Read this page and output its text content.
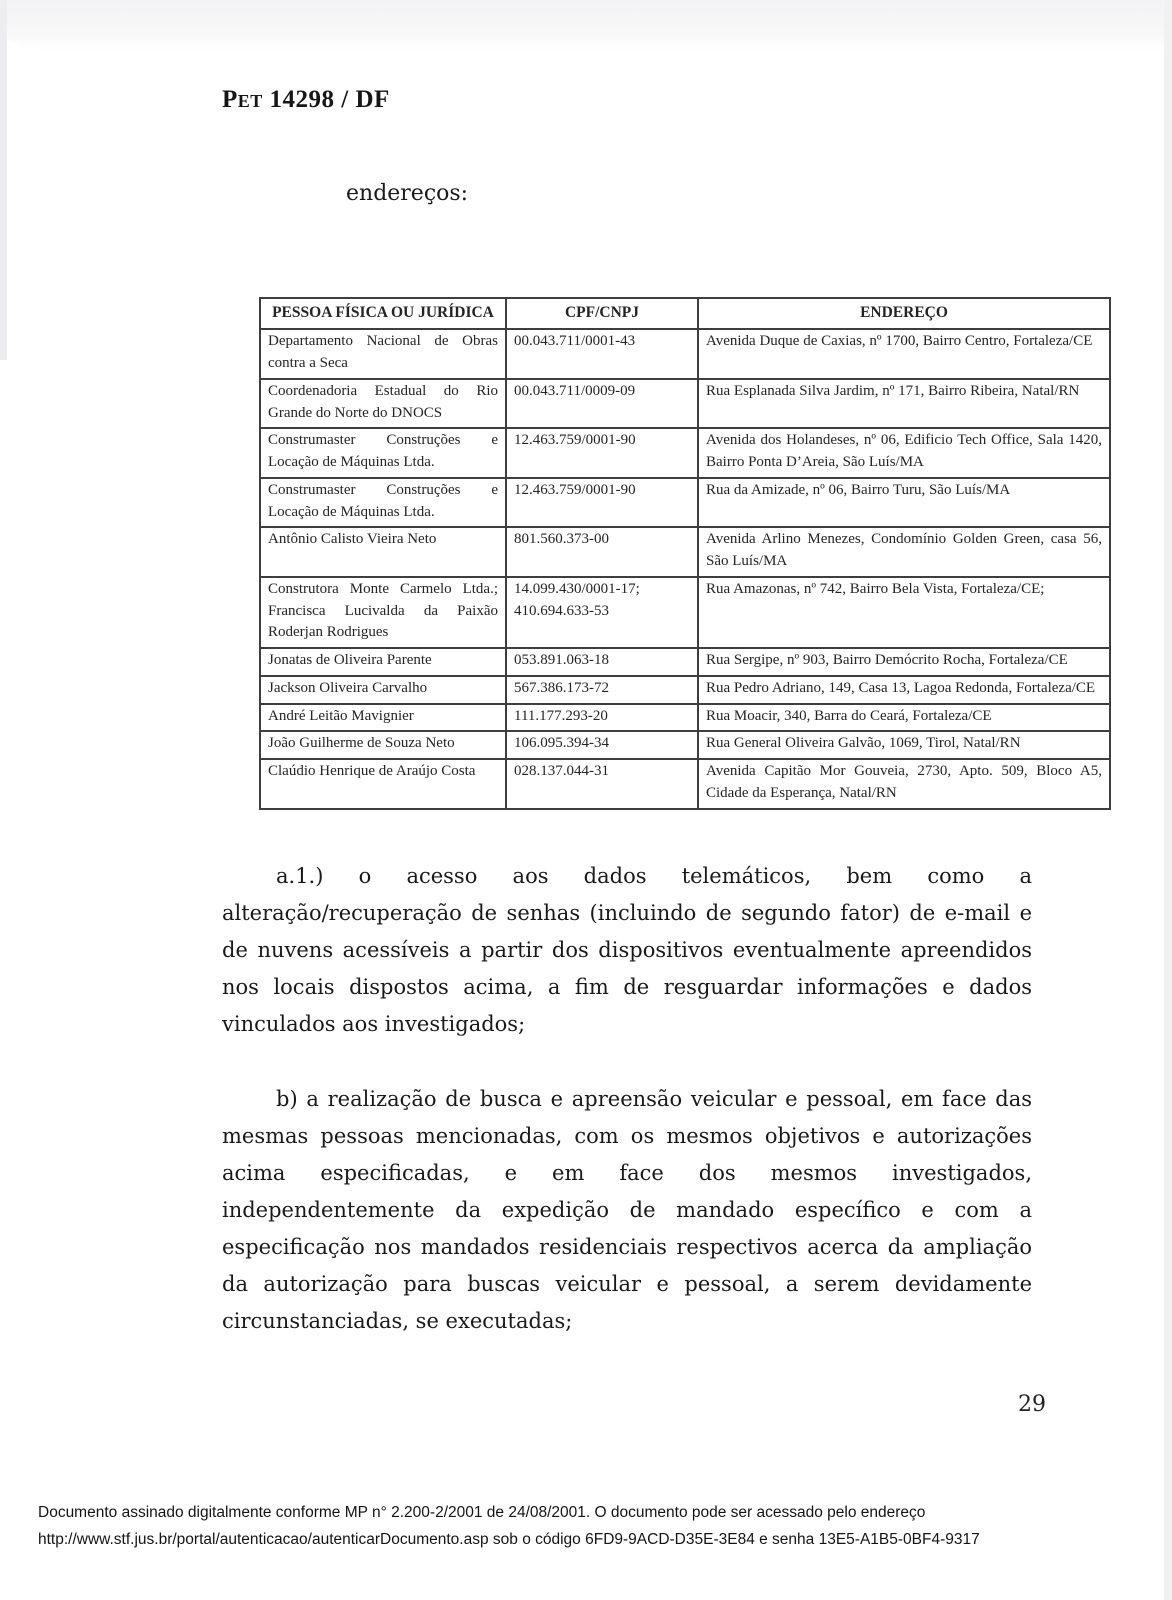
Pet 14298 / DF
endereços:
PESSOA FÍSICA OU JURÍDICA	CPF/CNPJ	ENDEREÇO
Departamento Nacional de Obras contra a Seca	00.043.711/0001-43	Avenida Duque de Caxias, nº 1700, Bairro Centro, Fortaleza/CE
Coordenadoria Estadual do Rio Grande do Norte do DNOCS	00.043.711/0009-09	Rua Esplanada Silva Jardim, nº 171, Bairro Ribeira, Natal/RN
Construmaster Construções e Locação de Máquinas Ltda.	12.463.759/0001-90	Avenida dos Holandeses, nº 06, Edificio Tech Office, Sala 1420, Bairro Ponta D’Areia, São Luís/MA
Construmaster Construções e Locação de Máquinas Ltda.	12.463.759/0001-90	Rua da Amizade, nº 06, Bairro Turu, São Luís/MA
Antônio Calisto Vieira Neto	801.560.373-00	Avenida Arlino Menezes, Condomínio Golden Green, casa 56, São Luís/MA
Construtora Monte Carmelo Ltda.; Francisca Lucivalda da Paixão Roderjan Rodrigues	14.099.430/0001-17; 410.694.633-53	Rua Amazonas, nº 742, Bairro Bela Vista, Fortaleza/CE;
Jonatas de Oliveira Parente	053.891.063-18	Rua Sergipe, nº 903, Bairro Demócrito Rocha, Fortaleza/CE
Jackson Oliveira Carvalho	567.386.173-72	Rua Pedro Adriano, 149, Casa 13, Lagoa Redonda, Fortaleza/CE
André Leitão Mavignier	111.177.293-20	Rua Moacir, 340, Barra do Ceará, Fortaleza/CE
João Guilherme de Souza Neto	106.095.394-34	Rua General Oliveira Galvão, 1069, Tirol, Natal/RN
Claúdio Henrique de Araújo Costa	028.137.044-31	Avenida Capitão Mor Gouveia, 2730, Apto. 509, Bloco A5, Cidade da Esperança, Natal/RN

a.1.) o acesso aos dados telemáticos, bem como a alteração/recuperação de senhas (incluindo de segundo fator) de e-mail e de nuvens acessíveis a partir dos dispositivos eventualmente apreendidos nos locais dispostos acima, a fim de resguardar informações e dados vinculados aos investigados;

b) a realização de busca e apreensão veicular e pessoal, em face das mesmas pessoas mencionadas, com os mesmos objetivos e autorizações acima especificadas, e em face dos mesmos investigados, independentemente da expedição de mandado específico e com a especificação nos mandados residenciais respectivos acerca da ampliação da autorização para buscas veicular e pessoal, a serem devidamente circunstanciadas, se executadas;

29
Documento assinado digitalmente conforme MP n° 2.200-2/2001 de 24/08/2001. O documento pode ser acessado pelo endereço
http://www.stf.jus.br/portal/autenticacao/autenticarDocumento.asp sob o código 6FD9-9ACD-D35E-3E84 e senha 13E5-A1B5-0BF4-9317
